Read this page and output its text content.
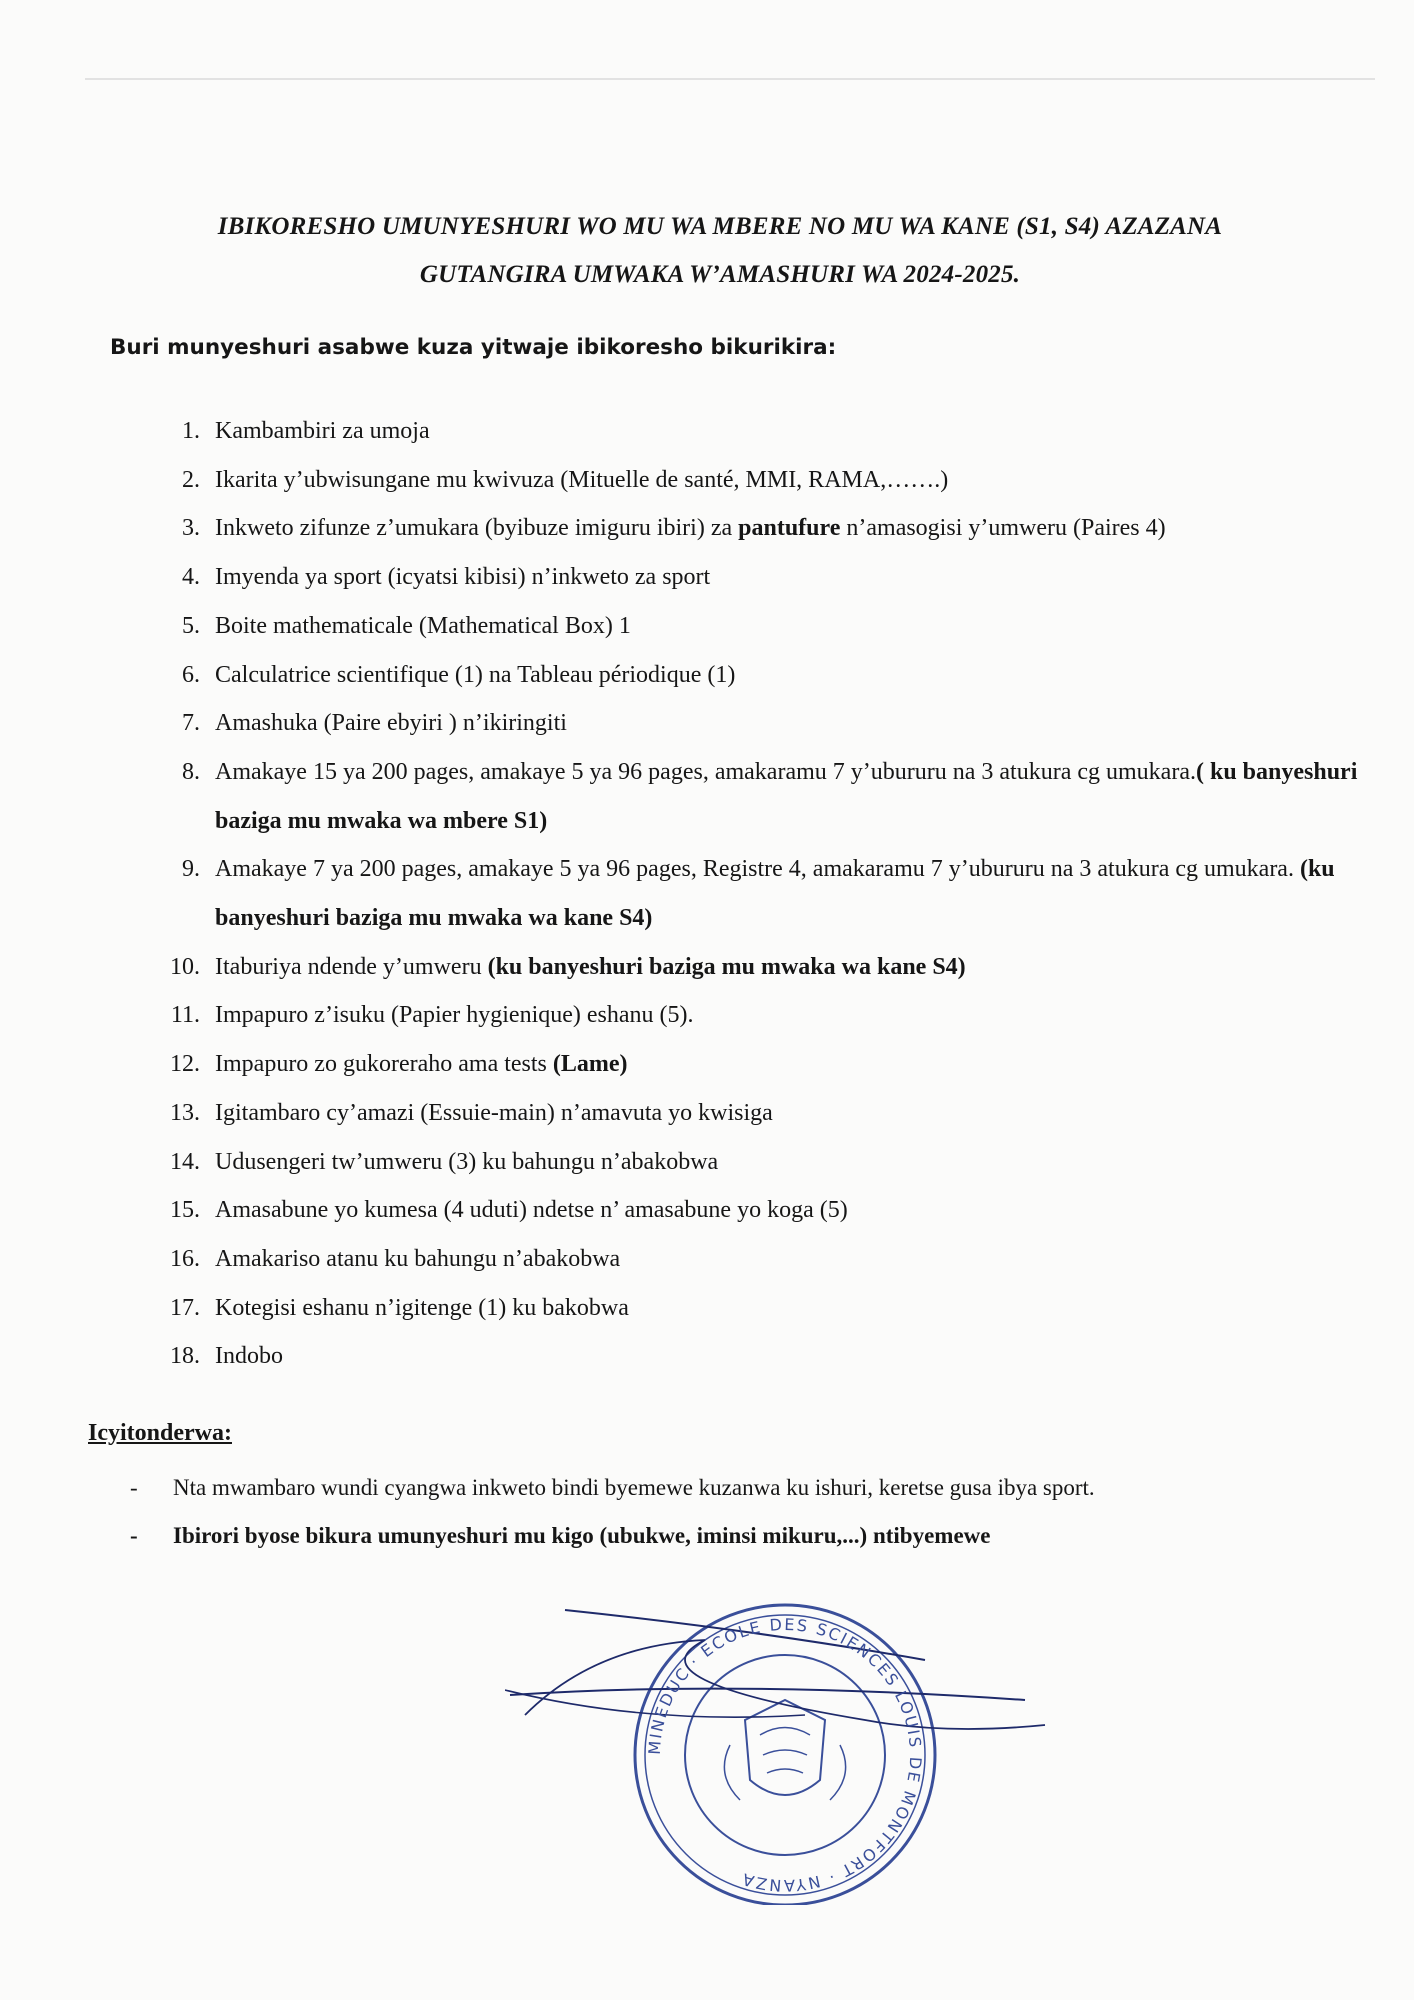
IBIKORESHO UMUNYESHURI WO MU WA MBERE NO MU WA KANE (S1, S4) AZAZANA
GUTANGIRA UMWAKA W’AMASHURI WA 2024-2025.
Buri munyeshuri asabwe kuza yitwaje ibikoresho bikurikira:
1. Kambambiri za umoja
2. Ikarita y’ubwisungane mu kwivuza (Mituelle de santé, MMI, RAMA,…….)
3. Inkweto zifunze z’umukara (byibuze imiguru ibiri) za pantufure n’amasogisi y’umweru (Paires 4)
4. Imyenda ya sport (icyatsi kibisi) n’inkweto za sport
5. Boite mathematicale (Mathematical Box) 1
6. Calculatrice scientifique (1) na Tableau périodique (1)
7. Amashuka (Paire ebyiri ) n’ikiringiti
8. Amakaye 15 ya 200 pages, amakaye 5 ya 96 pages, amakaramu 7 y’ubururu na 3 atukura cg umukara.( ku banyeshuri baziga mu mwaka wa mbere S1)
9. Amakaye 7 ya 200 pages, amakaye 5 ya 96 pages, Registre 4, amakaramu 7 y’ubururu na 3 atukura cg umukara. (ku banyeshuri baziga mu mwaka wa kane S4)
10. Itaburiya ndende y’umweru (ku banyeshuri baziga mu mwaka wa kane S4)
11. Impapuro z’isuku (Papier hygienique) eshanu (5).
12. Impapuro zo gukoreraho ama tests (Lame)
13. Igitambaro cy’amazi (Essuie-main) n’amavuta yo kwisiga
14. Udusengeri tw’umweru (3) ku bahungu n’abakobwa
15. Amasabune yo kumesa (4 uduti) ndetse n’ amasabune yo koga (5)
16. Amakariso atanu ku bahungu n’abakobwa
17. Kotegisi eshanu n’igitenge (1) ku bakobwa
18. Indobo
Icyitonderwa:
- Nta mwambaro wundi cyangwa inkweto bindi byemewe kuzanwa ku ishuri, keretse gusa ibya sport.
- Ibirori byose bikura umunyeshuri mu kigo (ubukwe, iminsi mikuru,...) ntibyemewe
MINEDUC · ECOLE DES SCIENCES LOUIS DE MONTFORT · NYANZA
